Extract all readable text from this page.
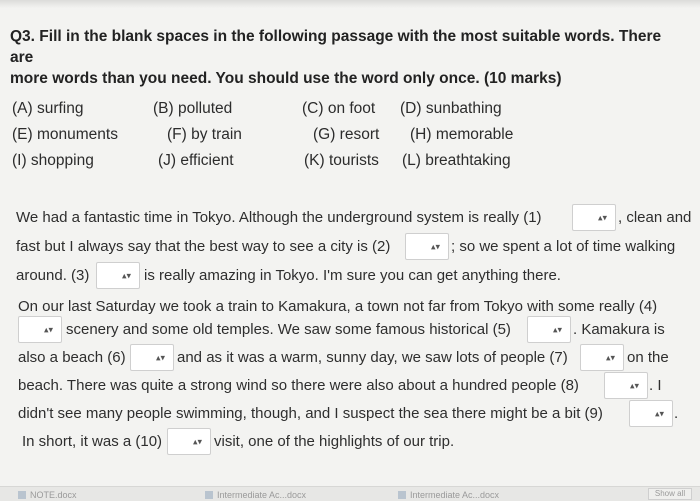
Q3. Fill in the blank spaces in the following passage with the most suitable words. There are
more words than you need. You should use the word only once. (10 marks)
(A) surfing	(B) polluted	(C) on foot (D) sunbathing
(E) monuments	(F) by train	(G) resort (H) memorable
(I) shopping	(J) efficient	(K) tourists (L) breathtaking
We had a fantastic time in Tokyo. Although the underground system is really (1)	▴▾ , clean and
fast but I always say that the best way to see a city is (2)	▴▾ ; so we spent a lot of time walking
around. (3)	▴▾ is really amazing in Tokyo. I'm sure you can get anything there.
On our last Saturday we took a train to Kamakura, a town not far from Tokyo with some really (4)
▴▾ scenery and some old temples. We saw some famous historical (5)	▴▾ . Kamakura is
also a beach (6)	▴▾ and as it was a warm, sunny day, we saw lots of people (7)	▴▾ on the
beach. There was quite a strong wind so there were also about a hundred people (8)	▴▾ . I
didn't see many people swimming, though, and I suspect the sea there might be a bit (9)	▴▾ .
In short, it was a (10)	▴▾ visit, one of the highlights of our trip.
NOTE.docx	Intermediate Ac...docx	Intermediate Ac...docx	Show all
